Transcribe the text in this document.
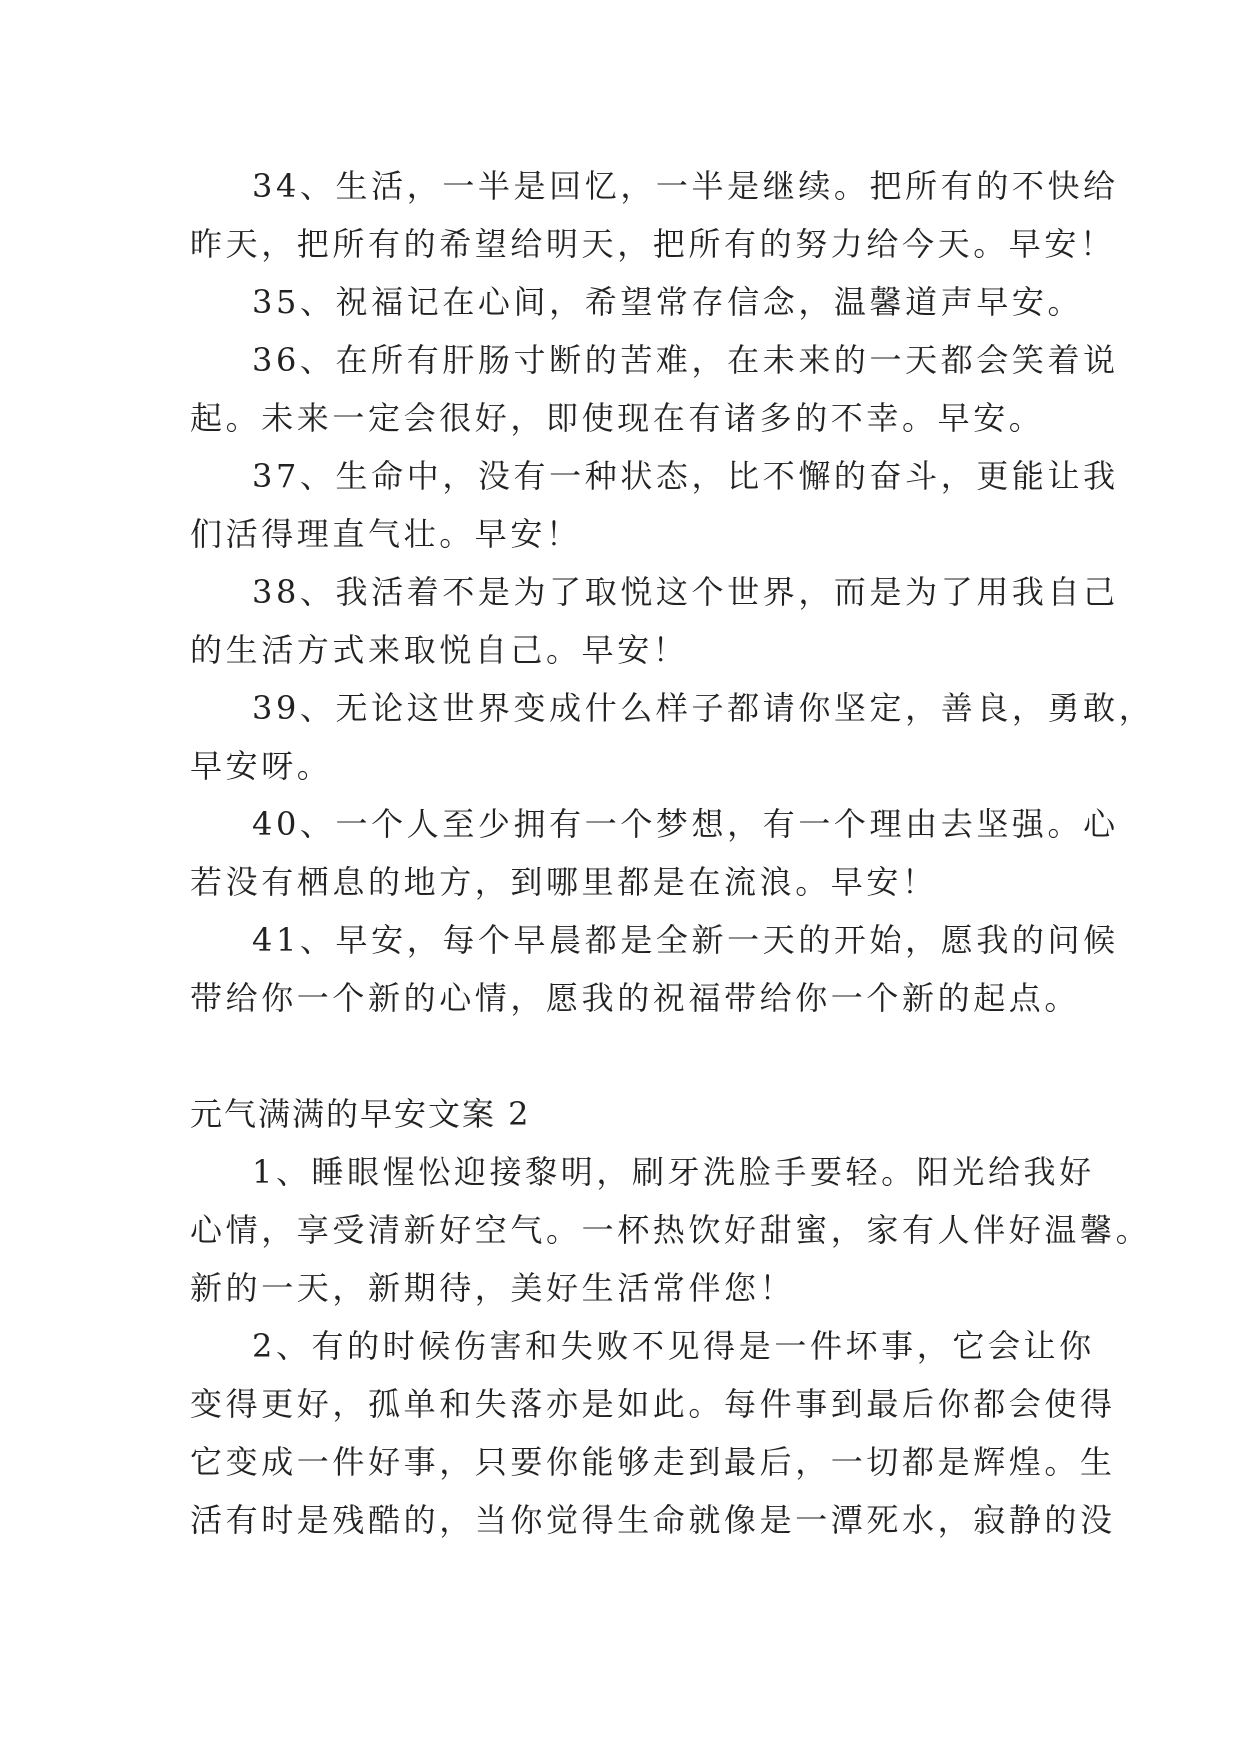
34、生活，一半是回忆，一半是继续。把所有的不快给
昨天，把所有的希望给明天，把所有的努力给今天。早安！
35、祝福记在心间，希望常存信念，温馨道声早安。
36、在所有肝肠寸断的苦难，在未来的一天都会笑着说
起。未来一定会很好，即使现在有诸多的不幸。早安。
37、生命中，没有一种状态，比不懈的奋斗，更能让我
们活得理直气壮。早安！
38、我活着不是为了取悦这个世界，而是为了用我自己
的生活方式来取悦自己。早安！
39、无论这世界变成什么样子都请你坚定，善良，勇敢，
早安呀。
40、一个人至少拥有一个梦想，有一个理由去坚强。心
若没有栖息的地方，到哪里都是在流浪。早安！
41、早安，每个早晨都是全新一天的开始，愿我的问候
带给你一个新的心情，愿我的祝福带给你一个新的起点。
元气满满的早安文案 2
1、睡眼惺忪迎接黎明，刷牙洗脸手要轻。阳光给我好
心情，享受清新好空气。一杯热饮好甜蜜，家有人伴好温馨。
新的一天，新期待，美好生活常伴您！
2、有的时候伤害和失败不见得是一件坏事，它会让你
变得更好，孤单和失落亦是如此。每件事到最后你都会使得
它变成一件好事，只要你能够走到最后，一切都是辉煌。生
活有时是残酷的，当你觉得生命就像是一潭死水，寂静的没
